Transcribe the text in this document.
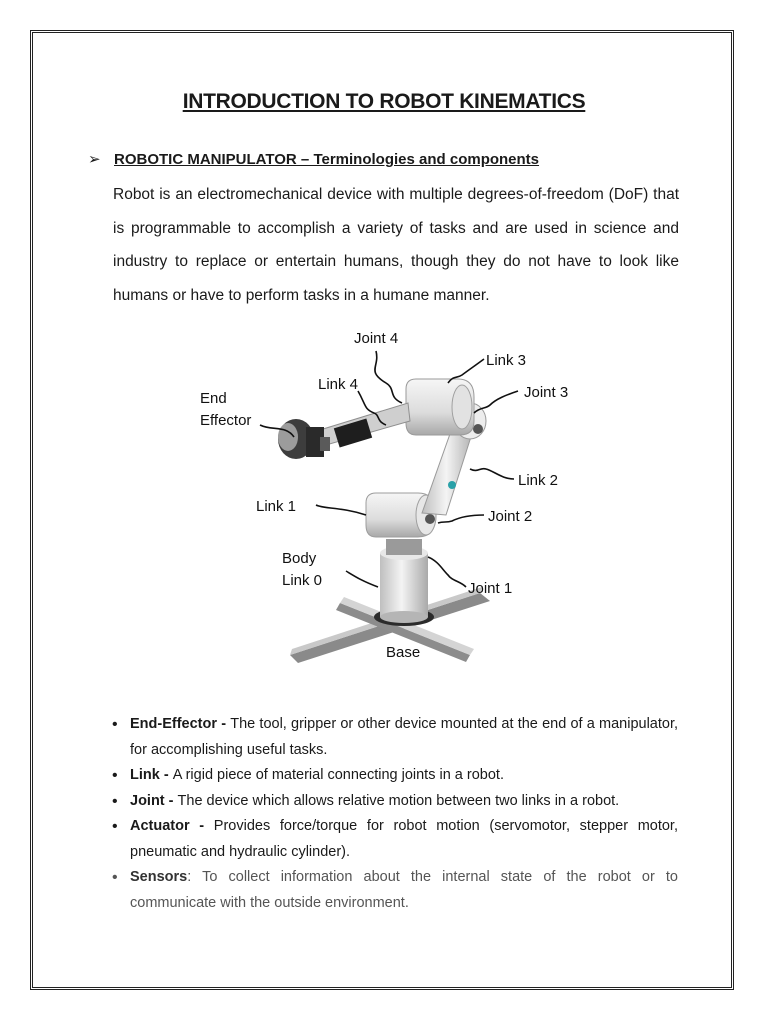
INTRODUCTION TO ROBOT KINEMATICS
➢ ROBOTIC MANIPULATOR – Terminologies and components
Robot is an electromechanical device with multiple degrees-of-freedom (DoF) that is programmable to accomplish a variety of tasks and are used in science and industry to replace or entertain humans, though they do not have to look like humans or have to perform tasks in a humane manner.
Joint 4
Link 3
Link 4	Joint 3
End
Effector
Link 2
Link 1
Joint 2
Body
Link 0	Joint 1
Base
• End-Effector - The tool, gripper or other device mounted at the end of a manipulator, for accomplishing useful tasks.
• Link - A rigid piece of material connecting joints in a robot.
• Joint - The device which allows relative motion between two links in a robot.
• Actuator - Provides force/torque for robot motion (servomotor, stepper motor, pneumatic and hydraulic cylinder).
• Sensors: To collect information about the internal state of the robot or to communicate with the outside environment.
